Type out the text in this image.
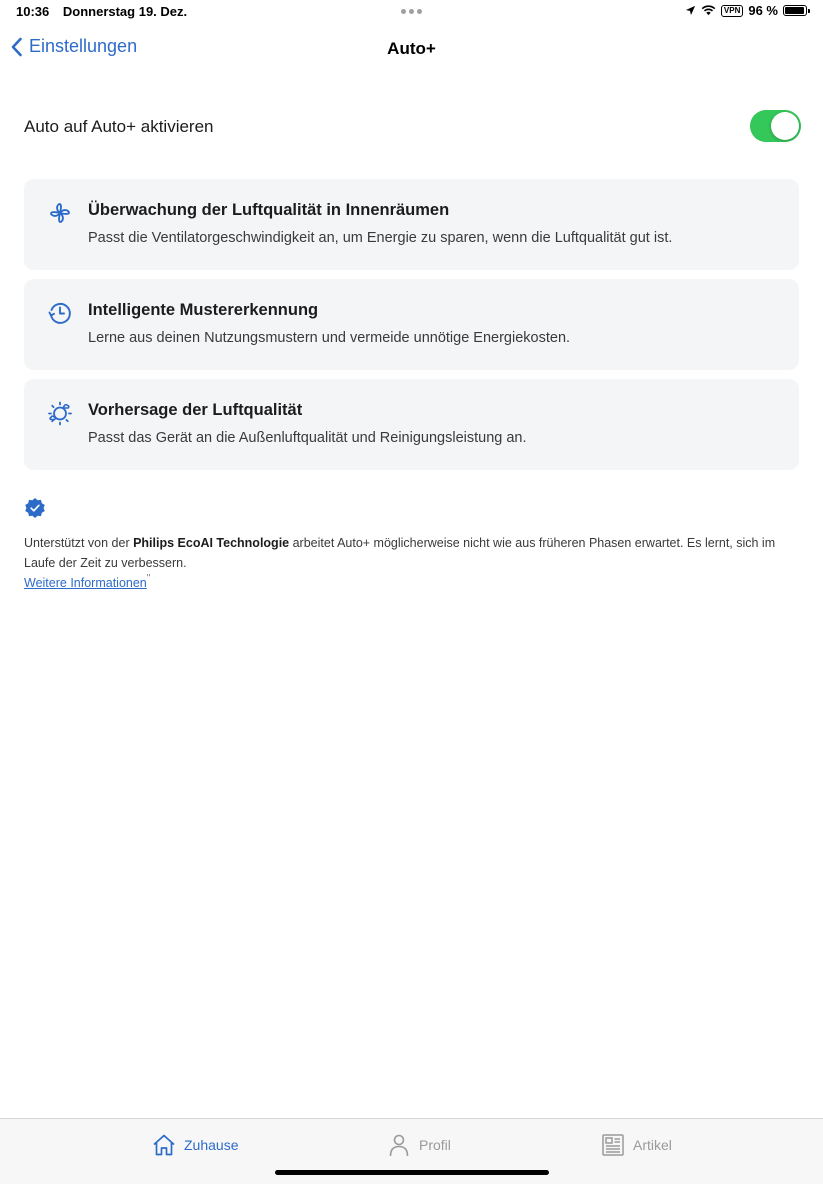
10:36 Donnerstag 19. Dez.	VPN 96 %
Einstellungen	Auto+
Auto auf Auto+ aktivieren
Überwachung der Luftqualität in Innenräumen
Passt die Ventilatorgeschwindigkeit an, um Energie zu sparen, wenn die Luftqualität gut ist.
Intelligente Mustererkennung
Lerne aus deinen Nutzungsmustern und vermeide unnötige Energiekosten.
Vorhersage der Luftqualität
Passt das Gerät an die Außenluftqualität und Reinigungsleistung an.
Unterstützt von der Philips EcoAI Technologie arbeitet Auto+ möglicherweise nicht wie aus früheren Phasen erwartet. Es lernt, sich im Laufe der Zeit zu verbessern.
Weitere Informationen"
Zuhause	Profil	Artikel
